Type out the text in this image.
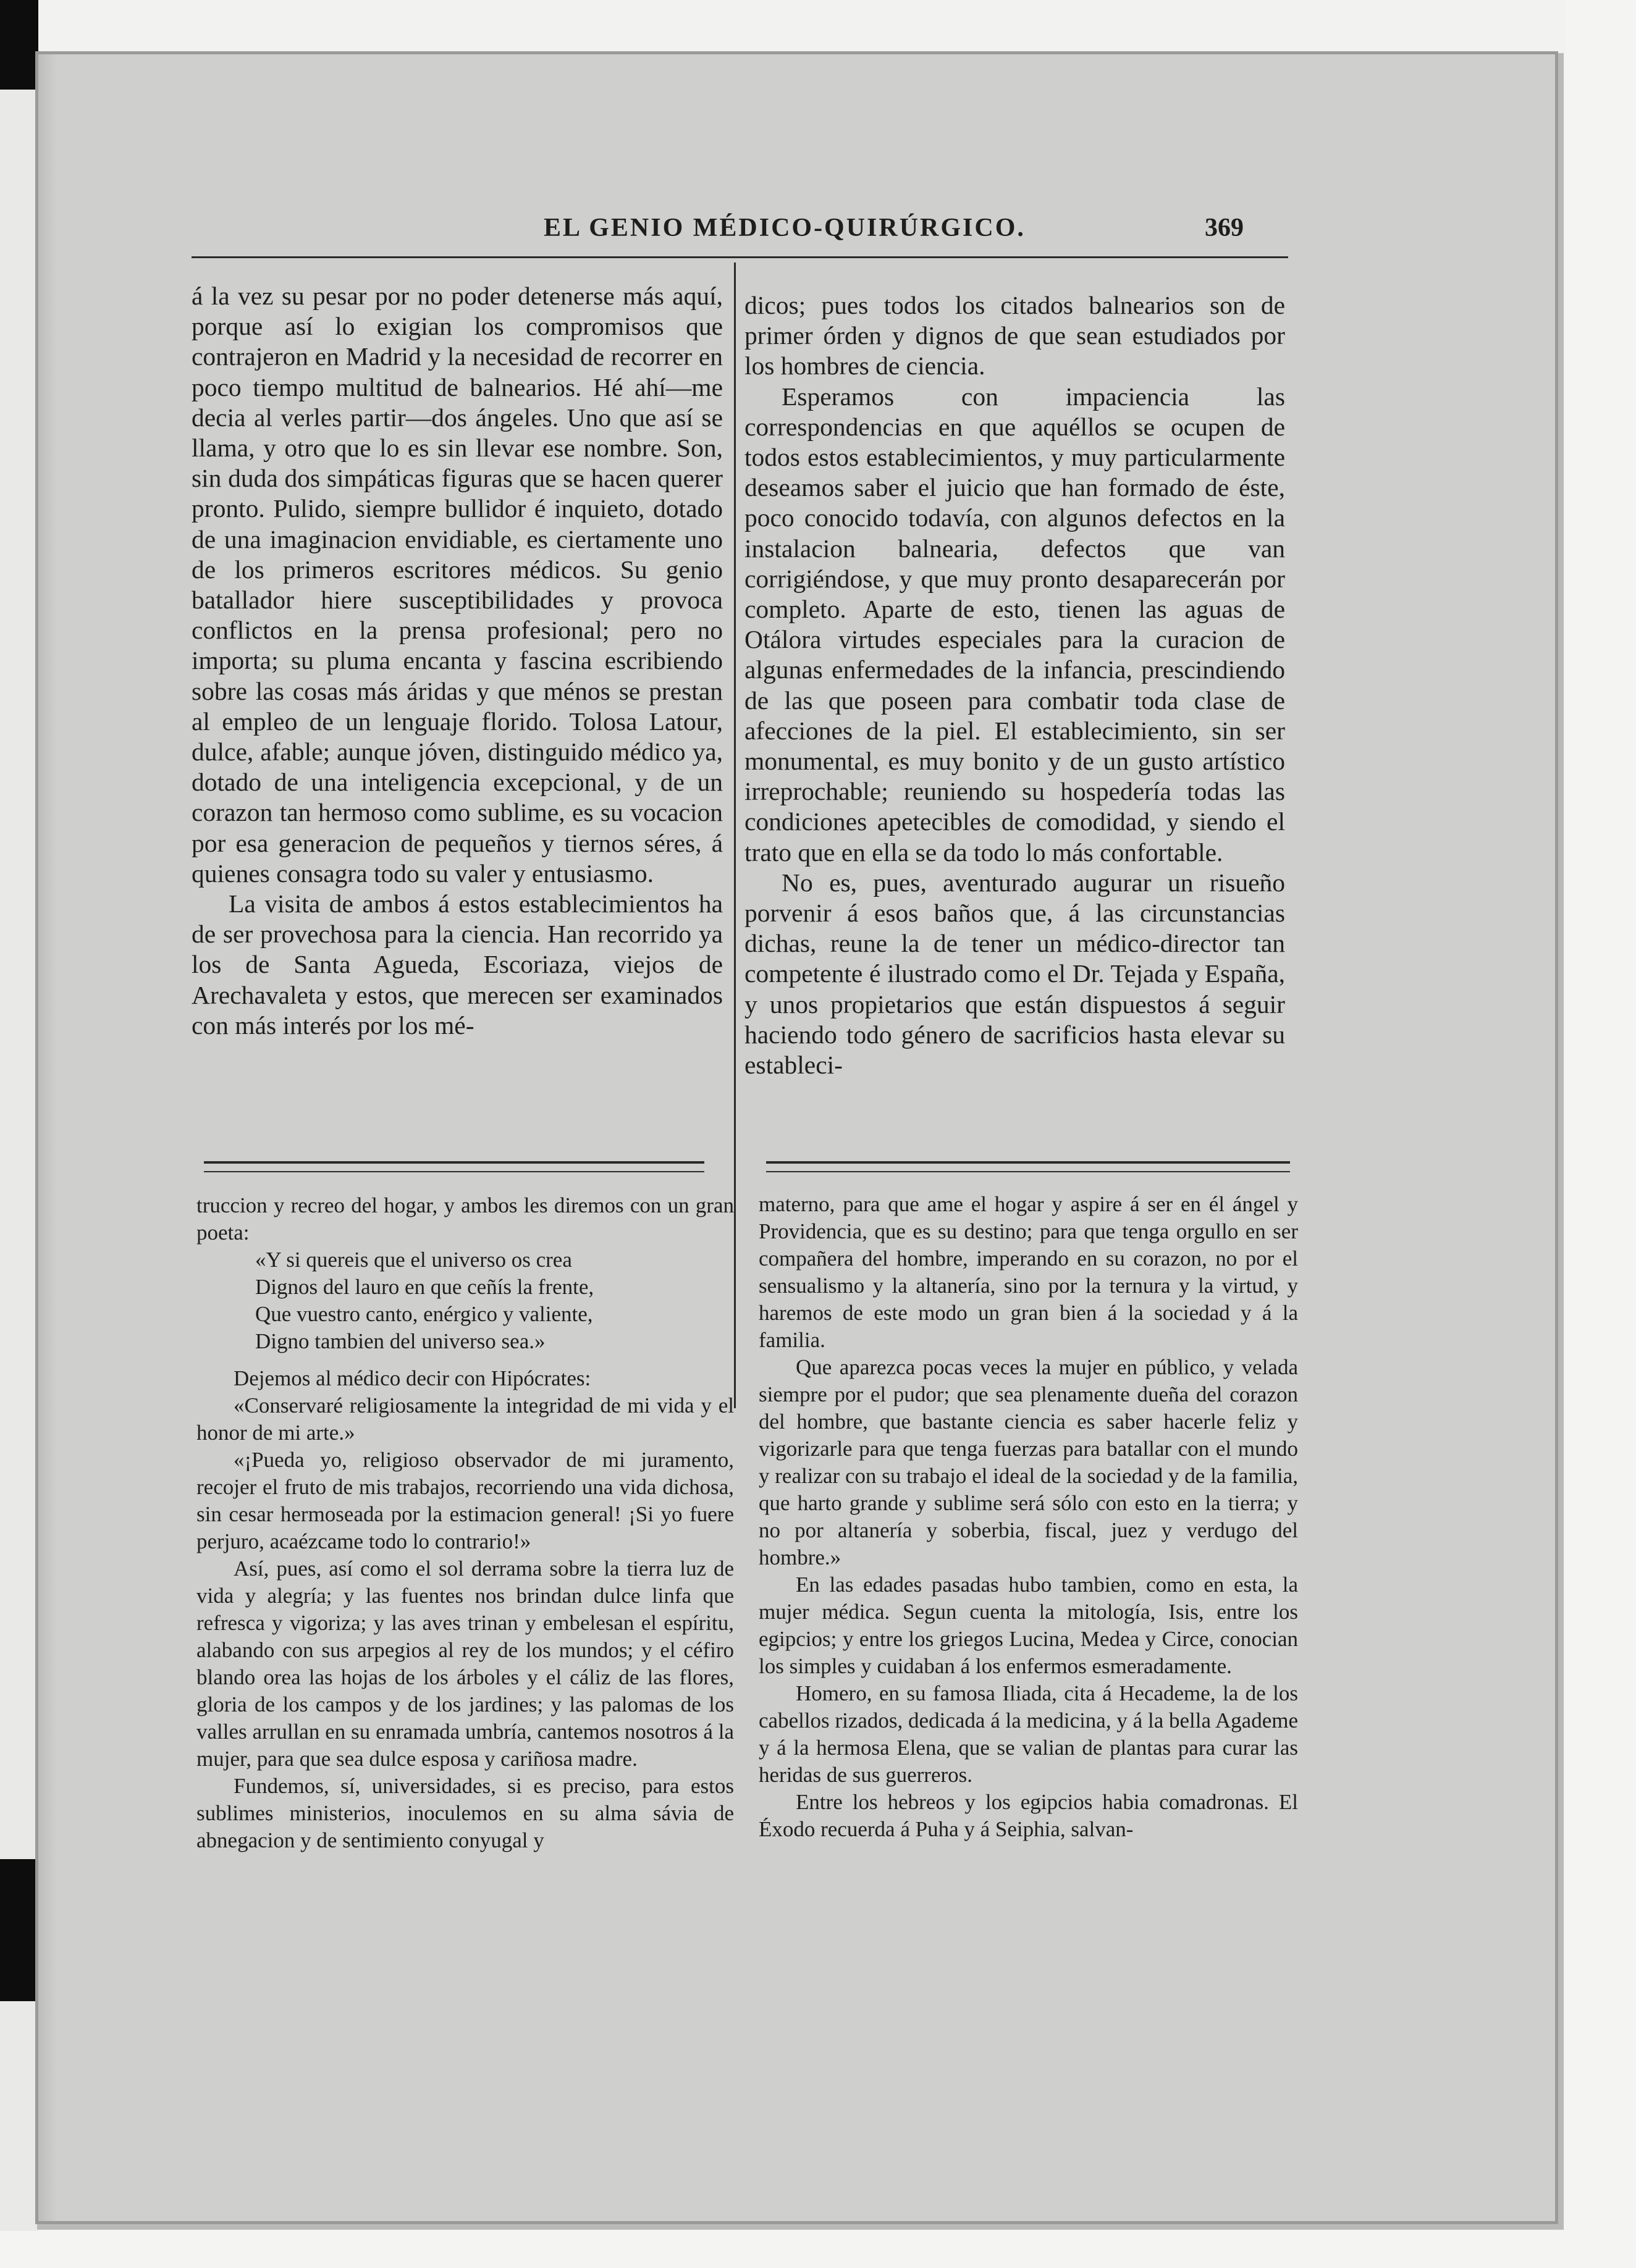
EL GENIO MÉDICO-QUIRÚRGICO.	369

á la vez su pesar por no poder detenerse más aquí, porque así lo exigian los compromisos que contrajeron en Madrid y la necesidad de recorrer en poco tiempo multitud de balnearios. Hé ahí—me decia al verles partir—dos ángeles. Uno que así se llama, y otro que lo es sin llevar ese nombre. Son, sin duda dos simpáticas figuras que se hacen querer pronto. Pulido, siempre bullidor é inquieto, dotado de una imaginacion envidiable, es ciertamente uno de los primeros escritores médicos. Su genio batallador hiere susceptibilidades y provoca conflictos en la prensa profesional; pero no importa; su pluma encanta y fascina escribiendo sobre las cosas más áridas y que ménos se prestan al empleo de un lenguaje florido. Tolosa Latour, dulce, afable; aunque jóven, distinguido médico ya, dotado de una inteligencia excepcional, y de un corazon tan hermoso como sublime, es su vocacion por esa generacion de pequeños y tiernos séres, á quienes consagra todo su valer y entusiasmo.

La visita de ambos á estos establecimientos ha de ser provechosa para la ciencia. Han recorrido ya los de Santa Agueda, Escoriaza, viejos de Arechavaleta y estos, que merecen ser examinados con más interés por los mé-

dicos; pues todos los citados balnearios son de primer órden y dignos de que sean estudiados por los hombres de ciencia.

Esperamos con impaciencia las correspondencias en que aquéllos se ocupen de todos estos establecimientos, y muy particularmente deseamos saber el juicio que han formado de éste, poco conocido todavía, con algunos defectos en la instalacion balnearia, defectos que van corrigiéndose, y que muy pronto desaparecerán por completo. Aparte de esto, tienen las aguas de Otálora virtudes especiales para la curacion de algunas enfermedades de la infancia, prescindiendo de las que poseen para combatir toda clase de afecciones de la piel. El establecimiento, sin ser monumental, es muy bonito y de un gusto artístico irreprochable; reuniendo su hospedería todas las condiciones apetecibles de comodidad, y siendo el trato que en ella se da todo lo más confortable.

No es, pues, aventurado augurar un risueño porvenir á esos baños que, á las circunstancias dichas, reune la de tener un médico-director tan competente é ilustrado como el Dr. Tejada y España, y unos propietarios que están dispuestos á seguir haciendo todo género de sacrificios hasta elevar su estableci-

truccion y recreo del hogar, y ambos les diremos con un gran poeta:

«Y si quereis que el universo os crea
Dignos del lauro en que ceñís la frente,
Que vuestro canto, enérgico y valiente,
Digno tambien del universo sea.»

Dejemos al médico decir con Hipócrates:

«Conservaré religiosamente la integridad de mi vida y el honor de mi arte.»

«¡Pueda yo, religioso observador de mi juramento, recojer el fruto de mis trabajos, recorriendo una vida dichosa, sin cesar hermoseada por la estimacion general! ¡Si yo fuere perjuro, acaézcame todo lo contrario!»

Así, pues, así como el sol derrama sobre la tierra luz de vida y alegría; y las fuentes nos brindan dulce linfa que refresca y vigoriza; y las aves trinan y embelesan el espíritu, alabando con sus arpegios al rey de los mundos; y el céfiro blando orea las hojas de los árboles y el cáliz de las flores, gloria de los campos y de los jardines; y las palomas de los valles arrullan en su enramada umbría, cantemos nosotros á la mujer, para que sea dulce esposa y cariñosa madre.

Fundemos, sí, universidades, si es preciso, para estos sublimes ministerios, inoculemos en su alma sávia de abnegacion y de sentimiento conyugal y

materno, para que ame el hogar y aspire á ser en él ángel y Providencia, que es su destino; para que tenga orgullo en ser compañera del hombre, imperando en su corazon, no por el sensualismo y la altanería, sino por la ternura y la virtud, y haremos de este modo un gran bien á la sociedad y á la familia.

Que aparezca pocas veces la mujer en público, y velada siempre por el pudor; que sea plenamente dueña del corazon del hombre, que bastante ciencia es saber hacerle feliz y vigorizarle para que tenga fuerzas para batallar con el mundo y realizar con su trabajo el ideal de la sociedad y de la familia, que harto grande y sublime será sólo con esto en la tierra; y no por altanería y soberbia, fiscal, juez y verdugo del hombre.»

En las edades pasadas hubo tambien, como en esta, la mujer médica. Segun cuenta la mitología, Isis, entre los egipcios; y entre los griegos Lucina, Medea y Circe, conocian los simples y cuidaban á los enfermos esmeradamente.

Homero, en su famosa Iliada, cita á Hecademe, la de los cabellos rizados, dedicada á la medicina, y á la bella Agademe y á la hermosa Elena, que se valian de plantas para curar las heridas de sus guerreros.

Entre los hebreos y los egipcios habia comadronas. El Éxodo recuerda á Puha y á Seiphia, salvan-
